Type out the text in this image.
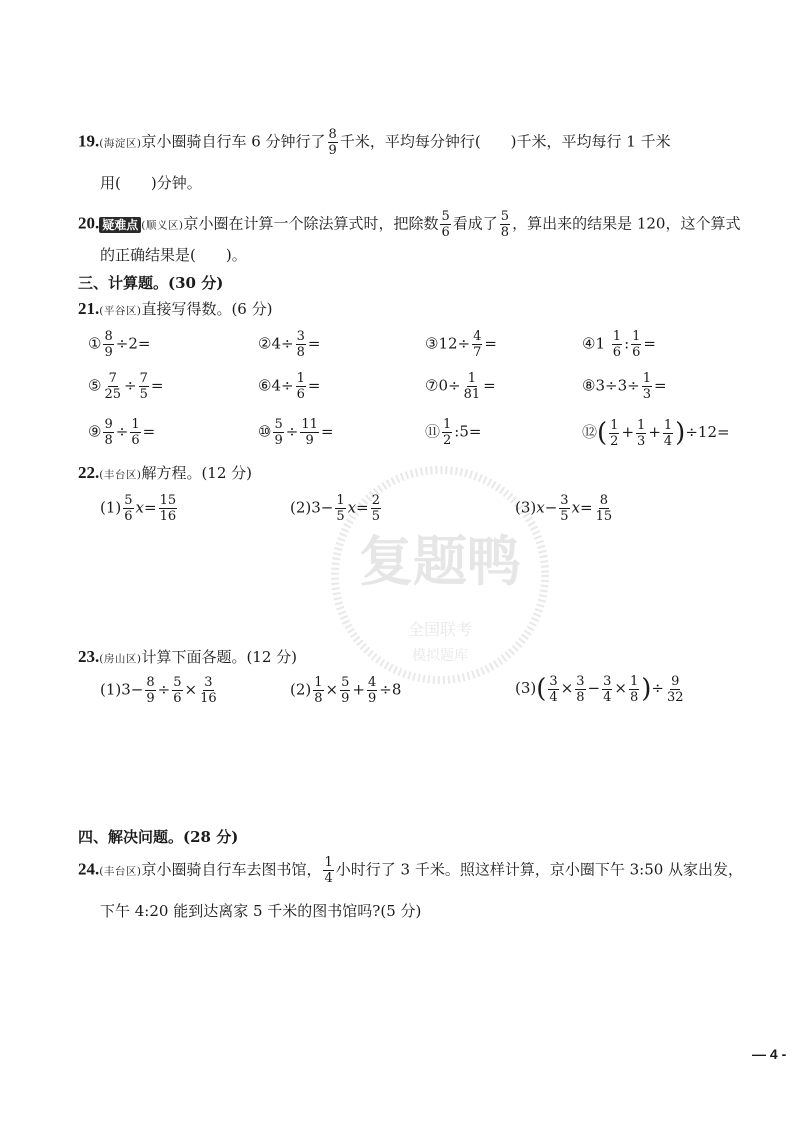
复题鸭
全国联考
模拟题库
19.(海淀区)京小圈骑自行车 6 分钟行了 $\frac{8}{9}$ 千米，平均每分钟行(　　)千米，平均每行 1 千米
用(　　)分钟。
20. 疑难点 (顺义区)京小圈在计算一个除法算式时，把除数 $\frac{5}{6}$ 看成了 $\frac{5}{8}$ ，算出来的结果是 120，这个算式
的正确结果是(　　)。
三、计算题。(30 分)
21.(平谷区)直接写得数。(6 分)
① $\frac{8}{9} \div 2=$	②4÷ $\frac{3}{8}$ =	③12÷ $\frac{4}{7}$ =	④1 $\frac{1}{6}$ : $\frac{1}{6}$ =
⑤ $\frac{7}{25} \div \frac{7}{5}$ =	⑥4÷ $\frac{1}{6}$ =	⑦0÷ $\frac{1}{81}$ =	⑧3÷3÷ $\frac{1}{3}$ =
⑨ $\frac{9}{8} \div \frac{1}{6}$ =	⑩ $\frac{5}{9} \div \frac{11}{9}$ =	⑪ $\frac{1}{2}$ :5=	⑫( $\frac{1}{2} + \frac{1}{3} + \frac{1}{4} )\div 12=$
22.(丰台区)解方程。(12 分)
$(1) \frac{5}{6} x= \frac{15}{16}$	$(2)3- \frac{1}{5} x= \frac{2}{5}$	$(3)x- \frac{3}{5} x= \frac{8}{15}$
23.(房山区)计算下面各题。(12 分)
$(1)3- \frac{8}{9} \div \frac{5}{6} \times \frac{3}{16}$	$(2) \frac{1}{8} \times \frac{5}{9} + \frac{4}{9} \div 8$	$(3)( \frac{3}{4} \times \frac{3}{8} - \frac{3}{4} \times \frac{1}{8}$ )÷ $\frac{9}{32}$
四、解决问题。(28 分)
24.(丰台区)京小圈骑自行车去图书馆， $\frac{1}{4}$ 小时行了 3 千米。照这样计算，京小圈下午 3:50 从家出发，
下午 4:20 能到达离家 5 千米的图书馆吗?(5 分)
— 4 -
